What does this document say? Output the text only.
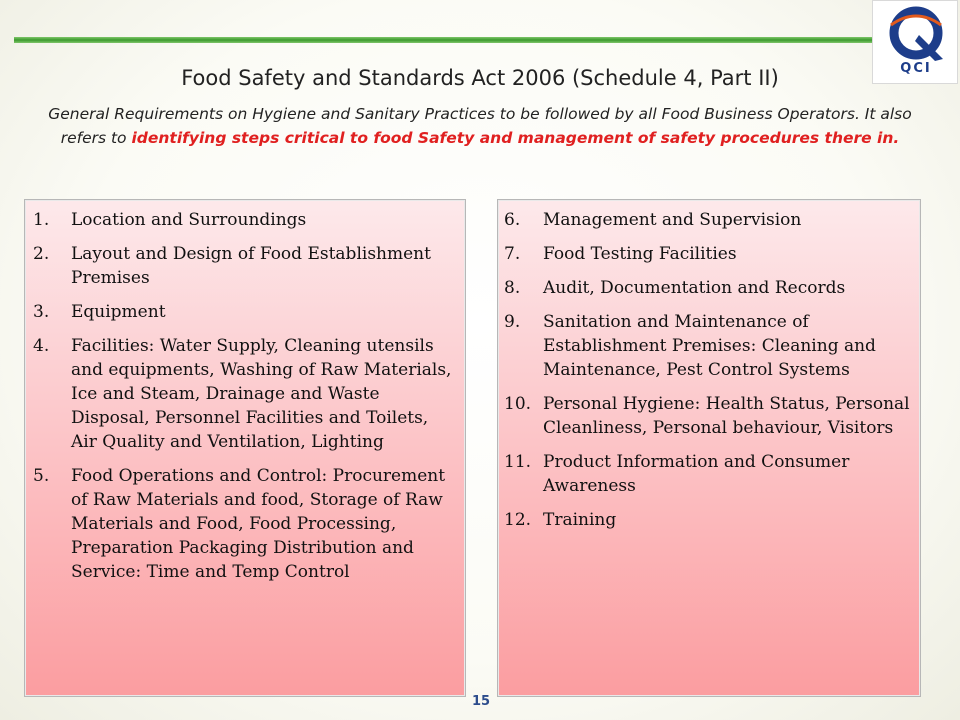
QCI
Food Safety and Standards Act 2006 (Schedule 4, Part II)

General Requirements on Hygiene and Sanitary Practices to be followed by all Food Business Operators. It also refers to identifying steps critical to food Safety and management of safety procedures there in.

1. Location and Surroundings
2. Layout and Design of Food Establishment Premises
3. Equipment
4. Facilities: Water Supply, Cleaning utensils and equipments, Washing of Raw Materials, Ice and Steam, Drainage and Waste Disposal, Personnel Facilities and Toilets, Air Quality and Ventilation, Lighting
5. Food Operations and Control: Procurement of Raw Materials and food, Storage of Raw Materials and Food, Food Processing, Preparation Packaging Distribution and Service: Time and Temp Control
6. Management and Supervision
7. Food Testing Facilities
8. Audit, Documentation and Records
9. Sanitation and Maintenance of Establishment Premises: Cleaning and Maintenance, Pest Control Systems
10. Personal Hygiene: Health Status, Personal Cleanliness, Personal behaviour, Visitors
11. Product Information and Consumer Awareness
12. Training
15
